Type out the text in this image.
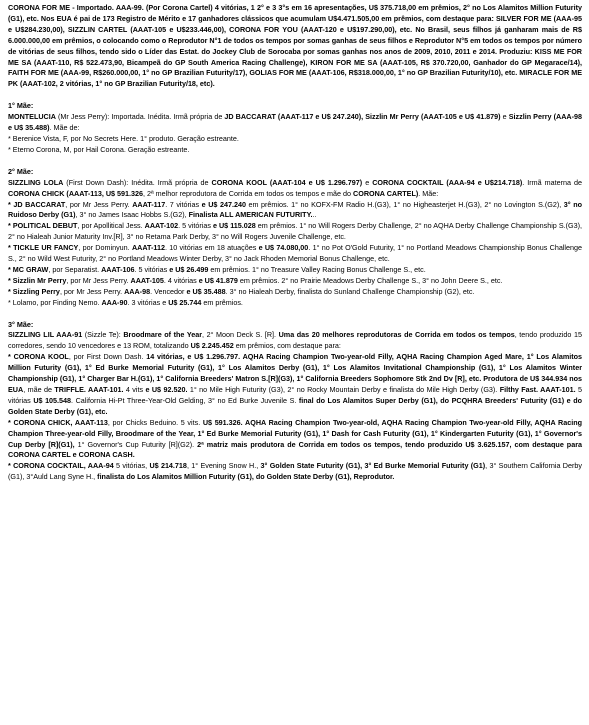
CORONA FOR ME - Importado. AAA-99. (Por Corona Cartel) 4 vitórias, 1 2° e 3 3°s em 16 apresentações, U$ 375.718,00 em prêmios, 2° no Los Alamitos Million Futurity (G1), etc. Nos EUA é pai de 173 Registro de Mérito e 17 ganhadores clássicos que acumulam U$4.471.505,00 em prêmios, com destaque para: SILVER FOR ME (AAA-95 e U$284.230,00), SIZZLIN CARTEL (AAAT-105 e U$233.446,00), CORONA FOR YOU (AAAT-120 e U$197.290,00), etc. No Brasil, seus filhos já ganharam mais de R$ 6.000.000,00 em prêmios, o colocando como o Reprodutor N°1 de todos os tempos por somas ganhas de seus filhos e Reprodutor N°5 em todos os tempos por número de vitórias de seus filhos, tendo sido o Líder das Estat. do Jockey Club de Sorocaba por somas ganhas nos anos de 2009, 2010, 2011 e 2014. Produziu: KISS ME FOR ME SA (AAAT-110, R$ 522.473,90, Bicampeã do GP South America Racing Challenge), KIRON FOR ME SA (AAAT-105, R$ 370.720,00, Ganhador do GP Megarace/14), FAITH FOR ME (AAA-99, R$260.000,00, 1° no GP Brazilian Futurity/17), GOLIAS FOR ME (AAAT-106, R$318.000,00, 1° no GP Brazilian Futurity/10), etc. MIRACLE FOR ME PK (AAAT-102, 2 vitórias, 1° no GP Brazilian Futurity/18, etc).

1° Mãe:

MONTELUCIA (Mr Jess Perry): Importada. Inédita. Irmã própria de JD BACCARAT (AAAT-117 e U$ 247.240), Sizzlin Mr Perry (AAAT-105 e U$ 41.879) e Sizzlin Perry (AAA-98 e U$ 35.488). Mãe de:

* Berenice Vista, F, por No Secrets Here. 1° produto. Geração estreante.

* Eterno Corona, M, por Hail Corona. Geração estreante.

2° Mãe:

SIZZLING LOLA (First Down Dash): Inédita. Irmã própria de CORONA KOOL (AAAT-104 e U$ 1.296.797) e CORONA COCKTAIL (AAA-94 e U$214.718). Irmã materna de CORONA CHICK (AAAT-113, U$ 591.326, 2ª melhor reprodutora de Corrida em todos os tempos e mãe do CORONA CARTEL). Mãe:

* JD BACCARAT, por Mr Jess Perry. AAAT-117. 7 vitórias e U$ 247.240 em prêmios. 1° no KOFX-FM Radio H.(G3), 1° no Higheasterjet H.(G3), 2° no Lovington S.(G2), 3° no Ruidoso Derby (G1), 3° no James Isaac Hobbs S.(G2), Finalista ALL AMERICAN FUTURITY...

* POLITICAL DEBUT, por Apollitical Jess. AAAT-102. 5 vitórias e U$ 115.028 em prêmios. 1° no Will Rogers Derby Challenge, 2° no AQHA Derby Challenge Championship S.(G3), 2° no Hialeah Junior Maturity Inv.[R], 3° no Retama Park Derby, 3° no Will Rogers Juvenile Challenge, etc.

* TICKLE UR FANCY, por Dominyun. AAAT-112. 10 vitórias em 18 atuações e U$ 74.080,00. 1° no Pot O'Gold Futurity, 1° no Portland Meadows Championship Bonus Challenge S., 2° no Wild West Futurity, 2° no Portland Meadows Winter Derby, 3° no Jack Rhoden Memorial Bonus Challenge, etc.

* MC GRAW, por Separatist. AAAT-106. 5 vitórias e U$ 26.499 em prêmios. 1° no Treasure Valley Racing Bonus Challenge S., etc.

* Sizzlin Mr Perry, por Mr Jess Perry. AAAT-105. 4 vitórias e U$ 41.879 em prêmios. 2° no Prairie Meadows Derby Challenge S., 3° no John Deere S., etc.

* Sizzling Perry, por Mr Jess Perry. AAA-98. Vencedor e U$ 35.488. 3° no Hialeah Derby, finalista do Sunland Challenge Championship (G2), etc.

* Lolamo, por Finding Nemo. AAA-90. 3 vitórias e U$ 25.744 em prêmios.

3° Mãe:

SIZZLING LIL AAA-91 (Sizzle Te): Broodmare of the Year, 2° Moon Deck S. [R]. Uma das 20 melhores reprodutoras de Corrida em todos os tempos, tendo produzido 15 corredores, sendo 10 vencedores e 13 ROM, totalizando U$ 2.245.452 em prêmios, com destaque para:

* CORONA KOOL, por First Down Dash. 14 vitórias, e U$ 1.296.797. AQHA Racing Champion Two-year-old Filly, AQHA Racing Champion Aged Mare, 1° Los Alamitos Million Futurity (G1), 1° Ed Burke Memorial Futurity (G1), 1° Los Alamitos Derby (G1), 1° Los Alamitos Invitational Championship (G1), 1° Los Alamitos Winter Championship (G1), 1° Charger Bar H.(G1), 1° California Breeders' Matron S.[R](G3), 1° California Breeders Sophomore Stk 2nd Dv [R], etc. Produtora de U$ 344.934 nos EUA, mãe de TRIFFLE. AAAT-101. 4 vits e U$ 92.520. 1° no Mile High Futurity (G3), 2° no Rocky Mountain Derby e finalista do Mile High Derby (G3). Filthy Fast. AAAT-101. 5 vitórias U$ 105.548. California Hi-Pt Three-Year-Old Gelding, 3° no Ed Burke Juvenile S. final do Los Alamitos Super Derby (G1), do PCQHRA Breeders' Futurity (G1) e do Golden State Derby (G1), etc.

* CORONA CHICK, AAAT-113, por Chicks Beduino. 5 vits. U$ 591.326. AQHA Racing Champion Two-year-old, AQHA Racing Champion Two-year-old Filly, AQHA Racing Champion Three-year-old Filly, Broodmare of the Year, 1° Ed Burke Memorial Futurity (G1), 1° Dash for Cash Futurity (G1), 1° Kindergarten Futurity (G1), 1° Governor's Cup Derby [R](G1), 1° Governor's Cup Futurity [R](G2). 2ª matriz mais produtora de Corrida em todos os tempos, tendo produzido U$ 3.625.157, com destaque para CORONA CARTEL e CORONA CASH.

* CORONA COCKTAIL, AAA-94 5 vitórias, U$ 214.718, 1° Evening Snow H., 3° Golden State Futurity (G1), 3° Ed Burke Memorial Futurity (G1), 3° Southern California Derby (G1), 3°Auld Lang Syne H., finalista do Los Alamitos Million Futurity (G1), do Golden State Derby (G1), Reprodutor.
